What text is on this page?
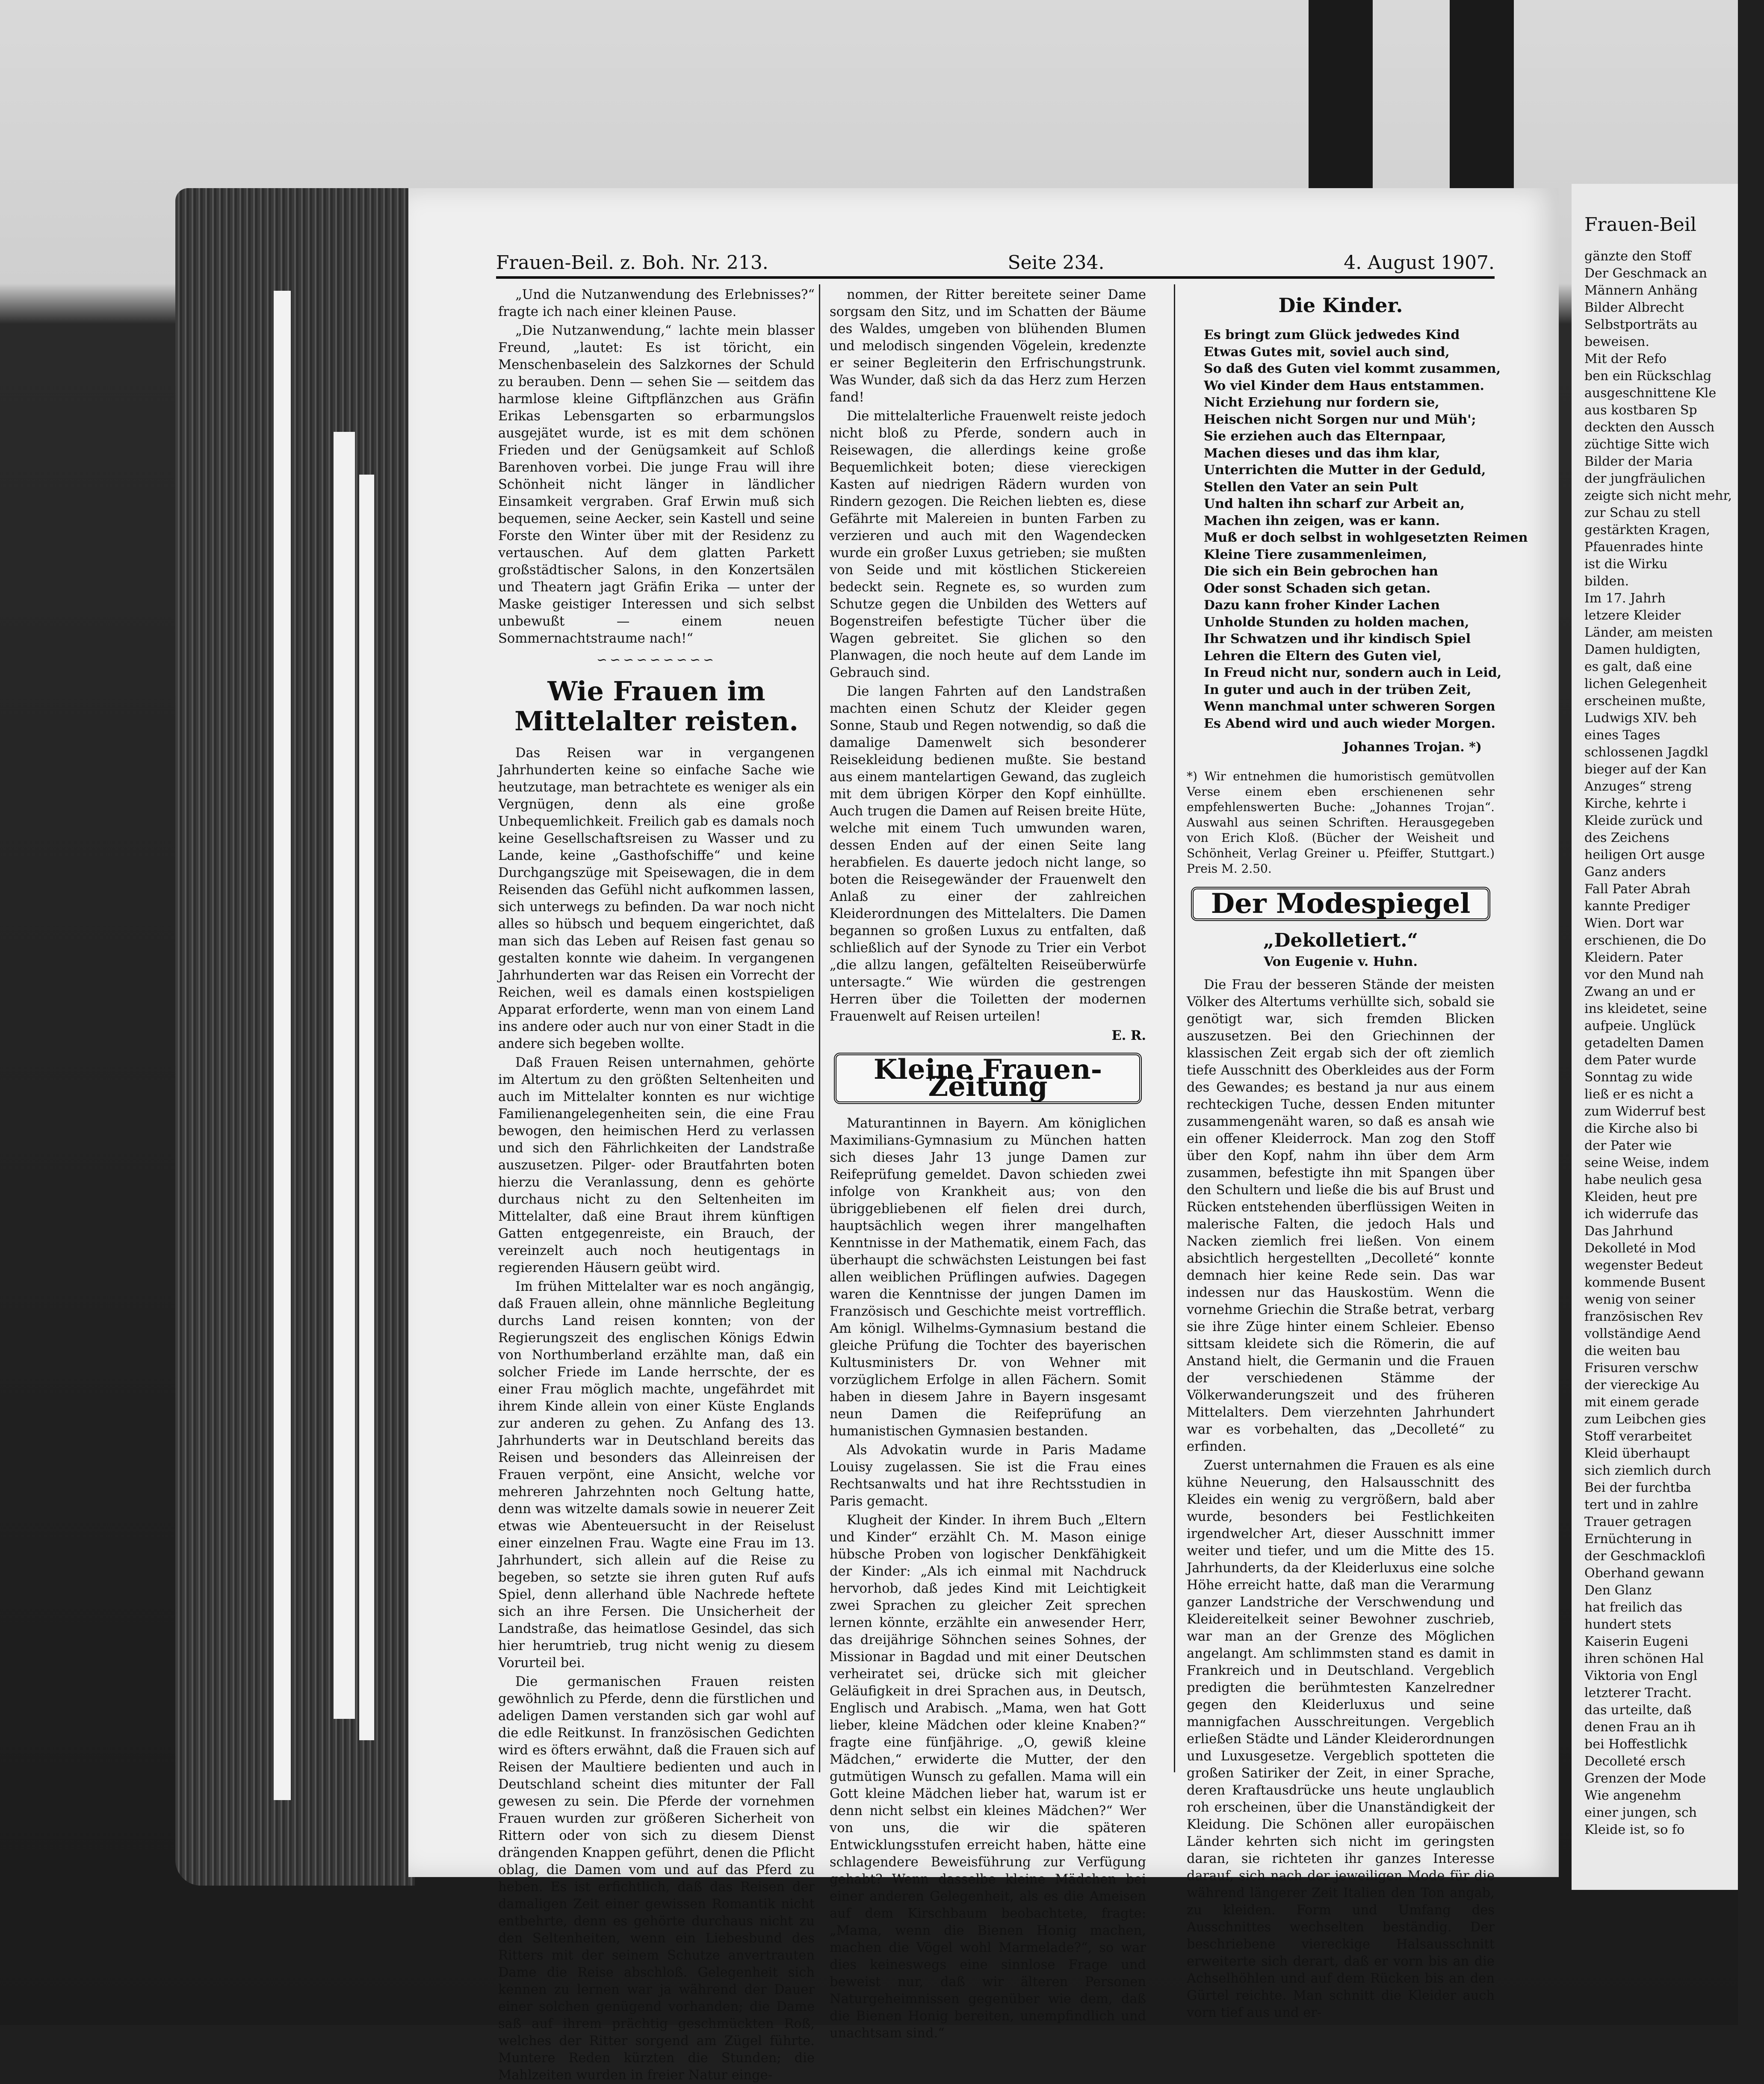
Frauen-Beil. z. Boh. Nr. 213.	Seite 234.	4. August 1907.

„Und die Nutzanwendung des Erlebnisses?“ fragte ich nach einer kleinen Pause.

„Die Nutzanwendung,“ lachte mein blasser Freund, „lautet: Es ist töricht, ein Menschenbaselein des Salzkornes der Schuld zu berauben. Denn — sehen Sie — seitdem das harmlose kleine Giftpflänzchen aus Gräfin Erikas Lebensgarten so erbarmungslos ausgejätet wurde, ist es mit dem schönen Frieden und der Genügsamkeit auf Schloß Barenhoven vorbei. Die junge Frau will ihre Schönheit nicht länger in ländlicher Einsamkeit vergraben. Graf Erwin muß sich bequemen, seine Aecker, sein Kastell und seine Forste den Winter über mit der Residenz zu vertauschen. Auf dem glatten Parkett großstädtischer Salons, in den Konzertsälen und Theatern jagt Gräfin Erika — unter der Maske geistiger Interessen und sich selbst unbewußt — einem neuen Sommernachtstraume nach!“

∽∽∽∽∽∽∽∽∽
Wie Frauen im Mittelalter reisten.

Das Reisen war in vergangenen Jahrhunderten keine so einfache Sache wie heutzutage, man betrachtete es weniger als ein Vergnügen, denn als eine große Unbequemlichkeit. Freilich gab es damals noch keine Gesellschaftsreisen zu Wasser und zu Lande, keine „Gasthofschiffe“ und keine Durchgangszüge mit Speisewagen, die in dem Reisenden das Gefühl nicht aufkommen lassen, sich unterwegs zu befinden. Da war noch nicht alles so hübsch und bequem eingerichtet, daß man sich das Leben auf Reisen fast genau so gestalten konnte wie daheim. In vergangenen Jahrhunderten war das Reisen ein Vorrecht der Reichen, weil es damals einen kostspieligen Apparat erforderte, wenn man von einem Land ins andere oder auch nur von einer Stadt in die andere sich begeben wollte.

Daß Frauen Reisen unternahmen, gehörte im Altertum zu den größten Seltenheiten und auch im Mittelalter konnten es nur wichtige Familienangelegenheiten sein, die eine Frau bewogen, den heimischen Herd zu verlassen und sich den Fährlichkeiten der Landstraße auszusetzen. Pilger- oder Brautfahrten boten hierzu die Veranlassung, denn es gehörte durchaus nicht zu den Seltenheiten im Mittelalter, daß eine Braut ihrem künftigen Gatten entgegenreiste, ein Brauch, der vereinzelt auch noch heutigentags in regierenden Häusern geübt wird.

Im frühen Mittelalter war es noch angängig, daß Frauen allein, ohne männliche Begleitung durchs Land reisen konnten; von der Regierungszeit des englischen Königs Edwin von Northumberland erzählte man, daß ein solcher Friede im Lande herrschte, der es einer Frau möglich machte, ungefährdet mit ihrem Kinde allein von einer Küste Englands zur anderen zu gehen. Zu Anfang des 13. Jahrhunderts war in Deutschland bereits das Reisen und besonders das Alleinreisen der Frauen verpönt, eine Ansicht, welche vor mehreren Jahrzehnten noch Geltung hatte, denn was witzelte damals sowie in neuerer Zeit etwas wie Abenteuersucht in der Reiselust einer einzelnen Frau. Wagte eine Frau im 13. Jahrhundert, sich allein auf die Reise zu begeben, so setzte sie ihren guten Ruf aufs Spiel, denn allerhand üble Nachrede heftete sich an ihre Fersen. Die Unsicherheit der Landstraße, das heimatlose Gesindel, das sich hier herumtrieb, trug nicht wenig zu diesem Vorurteil bei.

Die germanischen Frauen reisten gewöhnlich zu Pferde, denn die fürstlichen und adeligen Damen verstanden sich gar wohl auf die edle Reitkunst. In französischen Gedichten wird es öfters erwähnt, daß die Frauen sich auf Reisen der Maultiere bedienten und auch in Deutschland scheint dies mitunter der Fall gewesen zu sein. Die Pferde der vornehmen Frauen wurden zur größeren Sicherheit von Rittern oder von sich zu diesem Dienst drängenden Knappen geführt, denen die Pflicht oblag, die Damen vom und auf das Pferd zu heben. Es ist erfichtlich, daß das Reisen der damaligen Zeit einer gewissen Romantik nicht entbehrte, denn es gehörte durchaus nicht zu den Seltenheiten, wenn ein Liebesbund des Ritters mit der seinem Schutze anvertrauten Dame die Reise abschloß. Gelegenheit sich kennen zu lernen war ja während der Dauer einer solchen genügend vorhanden; die Dame saß auf ihrem prächtig geschmückten Roß, welches der Ritter sorgend am Zügel führte. Muntere Reden kürzten die Stunden; die Mahlzeiten wurden in freier Natur einge-

nommen, der Ritter bereitete seiner Dame sorgsam den Sitz, und im Schatten der Bäume des Waldes, umgeben von blühenden Blumen und melodisch singenden Vögelein, kredenzte er seiner Begleiterin den Erfrischungstrunk. Was Wunder, daß sich da das Herz zum Herzen fand!

Die mittelalterliche Frauenwelt reiste jedoch nicht bloß zu Pferde, sondern auch in Reisewagen, die allerdings keine große Bequemlichkeit boten; diese viereckigen Kasten auf niedrigen Rädern wurden von Rindern gezogen. Die Reichen liebten es, diese Gefährte mit Malereien in bunten Farben zu verzieren und auch mit den Wagendecken wurde ein großer Luxus getrieben; sie mußten von Seide und mit köstlichen Stickereien bedeckt sein. Regnete es, so wurden zum Schutze gegen die Unbilden des Wetters auf Bogenstreifen befestigte Tücher über die Wagen gebreitet. Sie glichen so den Planwagen, die noch heute auf dem Lande im Gebrauch sind.

Die langen Fahrten auf den Landstraßen machten einen Schutz der Kleider gegen Sonne, Staub und Regen notwendig, so daß die damalige Damenwelt sich besonderer Reisekleidung bedienen mußte. Sie bestand aus einem mantelartigen Gewand, das zugleich mit dem übrigen Körper den Kopf einhüllte. Auch trugen die Damen auf Reisen breite Hüte, welche mit einem Tuch umwunden waren, dessen Enden auf der einen Seite lang herabfielen. Es dauerte jedoch nicht lange, so boten die Reisegewänder der Frauenwelt den Anlaß zu einer der zahlreichen Kleiderordnungen des Mittelalters. Die Damen begannen so großen Luxus zu entfalten, daß schließlich auf der Synode zu Trier ein Verbot „die allzu langen, gefältelten Reiseüberwürfe untersagte.“ Wie würden die gestrengen Herren über die Toiletten der modernen Frauenwelt auf Reisen urteilen!

E. R.
Kleine Frauen-Zeitung

Maturantinnen in Bayern. Am königlichen Maximilians-Gymnasium zu München hatten sich dieses Jahr 13 junge Damen zur Reifeprüfung gemeldet. Davon schieden zwei infolge von Krankheit aus; von den übriggebliebenen elf fielen drei durch, hauptsächlich wegen ihrer mangelhaften Kenntnisse in der Mathematik, einem Fach, das überhaupt die schwächsten Leistungen bei fast allen weiblichen Prüflingen aufwies. Dagegen waren die Kenntnisse der jungen Damen im Französisch und Geschichte meist vortrefflich. Am königl. Wilhelms-Gymnasium bestand die gleiche Prüfung die Tochter des bayerischen Kultusministers Dr. von Wehner mit vorzüglichem Erfolge in allen Fächern. Somit haben in diesem Jahre in Bayern insgesamt neun Damen die Reifeprüfung an humanistischen Gymnasien bestanden.

Als Advokatin wurde in Paris Madame Louisy zugelassen. Sie ist die Frau eines Rechtsanwalts und hat ihre Rechtsstudien in Paris gemacht.

Klugheit der Kinder. In ihrem Buch „Eltern und Kinder“ erzählt Ch. M. Mason einige hübsche Proben von logischer Denkfähigkeit der Kinder: „Als ich einmal mit Nachdruck hervorhob, daß jedes Kind mit Leichtigkeit zwei Sprachen zu gleicher Zeit sprechen lernen könnte, erzählte ein anwesender Herr, das dreijährige Söhnchen seines Sohnes, der Missionar in Bagdad und mit einer Deutschen verheiratet sei, drücke sich mit gleicher Geläufigkeit in drei Sprachen aus, in Deutsch, Englisch und Arabisch. „Mama, wen hat Gott lieber, kleine Mädchen oder kleine Knaben?“ fragte eine fünfjährige. „O, gewiß kleine Mädchen,“ erwiderte die Mutter, der den gutmütigen Wunsch zu gefallen. Mama will ein Gott kleine Mädchen lieber hat, warum ist er denn nicht selbst ein kleines Mädchen?“ Wer von uns, die wir die späteren Entwicklungsstufen erreicht haben, hätte eine schlagendere Beweisführung zur Verfügung gehabt? Wenn dasselbe kleine Mädchen bei einer anderen Gelegenheit, als es die Ameisen auf dem Kirschbaum beobachtete, fragte: „Mama, wenn die Bienen Honig machen, machen die Vögel wohl Marmelade?“, so war dies keineswegs eine sinnlose Frage und beweist nur, daß wir älteren Personen Naturgeheimnissen gegenüber wie dem, daß die Bienen Honig bereiten, unempfindlich und unachtsam sind.“

Die Kinder.
Es bringt zum Glück jedwedes Kind
Etwas Gutes mit, soviel auch sind,
So daß des Guten viel kommt zusammen,
Wo viel Kinder dem Haus entstammen.
Nicht Erziehung nur fordern sie,
Heischen nicht Sorgen nur und Müh';
Sie erziehen auch das Elternpaar,
Machen dieses und das ihm klar,
Unterrichten die Mutter in der Geduld,
Stellen den Vater an sein Pult
Und halten ihn scharf zur Arbeit an,
Machen ihn zeigen, was er kann.
Muß er doch selbst in wohlgesetzten Reimen
Kleine Tiere zusammenleimen,
Die sich ein Bein gebrochen han
Oder sonst Schaden sich getan.
Dazu kann froher Kinder Lachen
Unholde Stunden zu holden machen,
Ihr Schwatzen und ihr kindisch Spiel
Lehren die Eltern des Guten viel,
In Freud nicht nur, sondern auch in Leid,
In guter und auch in der trüben Zeit,
Wenn manchmal unter schweren Sorgen
Es Abend wird und auch wieder Morgen.
Johannes Trojan. *)
*) Wir entnehmen die humoristisch gemütvollen Verse einem eben erschienenen sehr empfehlenswerten Buche: „Johannes Trojan“. Auswahl aus seinen Schriften. Herausgegeben von Erich Kloß. (Bücher der Weisheit und Schönheit, Verlag Greiner u. Pfeiffer, Stuttgart.) Preis M. 2.50.
Der Modespiegel
„Dekolletiert.“
Von Eugenie v. Huhn.

Die Frau der besseren Stände der meisten Völker des Altertums verhüllte sich, sobald sie genötigt war, sich fremden Blicken auszusetzen. Bei den Griechinnen der klassischen Zeit ergab sich der oft ziemlich tiefe Ausschnitt des Oberkleides aus der Form des Gewandes; es bestand ja nur aus einem rechteckigen Tuche, dessen Enden mitunter zusammengenäht waren, so daß es ansah wie ein offener Kleiderrock. Man zog den Stoff über den Kopf, nahm ihn über dem Arm zusammen, befestigte ihn mit Spangen über den Schultern und ließe die bis auf Brust und Rücken entstehenden überflüssigen Weiten in malerische Falten, die jedoch Hals und Nacken ziemlich frei ließen. Von einem absichtlich hergestellten „Decolleté“ konnte demnach hier keine Rede sein. Das war indessen nur das Hauskostüm. Wenn die vornehme Griechin die Straße betrat, verbarg sie ihre Züge hinter einem Schleier. Ebenso sittsam kleidete sich die Römerin, die auf Anstand hielt, die Germanin und die Frauen der verschiedenen Stämme der Völkerwanderungszeit und des früheren Mittelalters. Dem vierzehnten Jahrhundert war es vorbehalten, das „Decolleté“ zu erfinden.

Zuerst unternahmen die Frauen es als eine kühne Neuerung, den Halsausschnitt des Kleides ein wenig zu vergrößern, bald aber wurde, besonders bei Festlichkeiten irgendwelcher Art, dieser Ausschnitt immer weiter und tiefer, und um die Mitte des 15. Jahrhunderts, da der Kleiderluxus eine solche Höhe erreicht hatte, daß man die Verarmung ganzer Landstriche der Verschwendung und Kleidereitelkeit seiner Bewohner zuschrieb, war man an der Grenze des Möglichen angelangt. Am schlimmsten stand es damit in Frankreich und in Deutschland. Vergeblich predigten die berühmtesten Kanzelredner gegen den Kleiderluxus und seine mannigfachen Ausschreitungen. Vergeblich erließen Städte und Länder Kleiderordnungen und Luxusgesetze. Vergeblich spotteten die großen Satiriker der Zeit, in einer Sprache, deren Kraftausdrücke uns heute unglaublich roh erscheinen, über die Unanständigkeit der Kleidung. Die Schönen aller europäischen Länder kehrten sich nicht im geringsten daran, sie richteten ihr ganzes Interesse darauf, sich nach der jeweiligen Mode für die während längerer Zeit Italien den Ton angab, zu kleiden. Form und Umfang des Ausschnittes wechselten beständig. Der beschriebene viereckige Halsausschnitt erweiterte sich derart, daß er vorn bis an die Achselhöhlen und auf dem Rücken bis an den Gürtel reichte. Man schnitt die Kleider auch vorn tief aus und er-

Frauen-Beil
gänzte den Stoff
Der Geschmack an
Männern Anhäng
Bilder Albrecht
Selbstporträts au
beweisen.
Mit der Refo
ben ein Rückschlag
ausgeschnittene Kle
aus kostbaren Sp
deckten den Aussch
züchtige Sitte wich
Bilder der Maria
der jungfräulichen
zeigte sich nicht mehr,
zur Schau zu stell
gestärkten Kragen,
Pfauenrades hinte
ist die Wirku
bilden.
Im 17. Jahrh
letzere Kleider
Länder, am meisten
Damen huldigten,
es galt, daß eine
lichen Gelegenheit
erscheinen mußte,
Ludwigs XIV. beh
eines Tages
schlossenen Jagdkl
bieger auf der Kan
Anzuges“ streng
Kirche, kehrte i
Kleide zurück und
des Zeichens
heiligen Ort ausge
Ganz anders
Fall Pater Abrah
kannte Prediger
Wien. Dort war
erschienen, die Do
Kleidern. Pater
vor den Mund nah
Zwang an und er
ins kleidetet, seine
aufpeie. Unglück
getadelten Damen
dem Pater wurde
Sonntag zu wide
ließ er es nicht a
zum Widerruf best
die Kirche also bi
der Pater wie
seine Weise, indem
habe neulich gesa
Kleiden, heut pre
ich widerrufe das
Das Jahrhund
Dekolleté in Mod
wegenster Bedeut
kommende Busent
wenig von seiner
französischen Rev
vollständige Aend
die weiten bau
Frisuren verschw
der viereckige Au
mit einem gerade
zum Leibchen gies
Stoff verarbeitet
Kleid überhaupt
sich ziemlich durch
Bei der furchtba
tert und in zahlre
Trauer getragen
Ernüchterung in
der Geschmacklofi
Oberhand gewann
Den Glanz
hat freilich das
hundert stets
Kaiserin Eugeni
ihren schönen Hal
Viktoria von Engl
letzterer Tracht.
das urteilte, daß
denen Frau an ih
bei Hoffestlichk
Decolleté ersch
Grenzen der Mode
Wie angenehm
einer jungen, sch
Kleide ist, so fo
